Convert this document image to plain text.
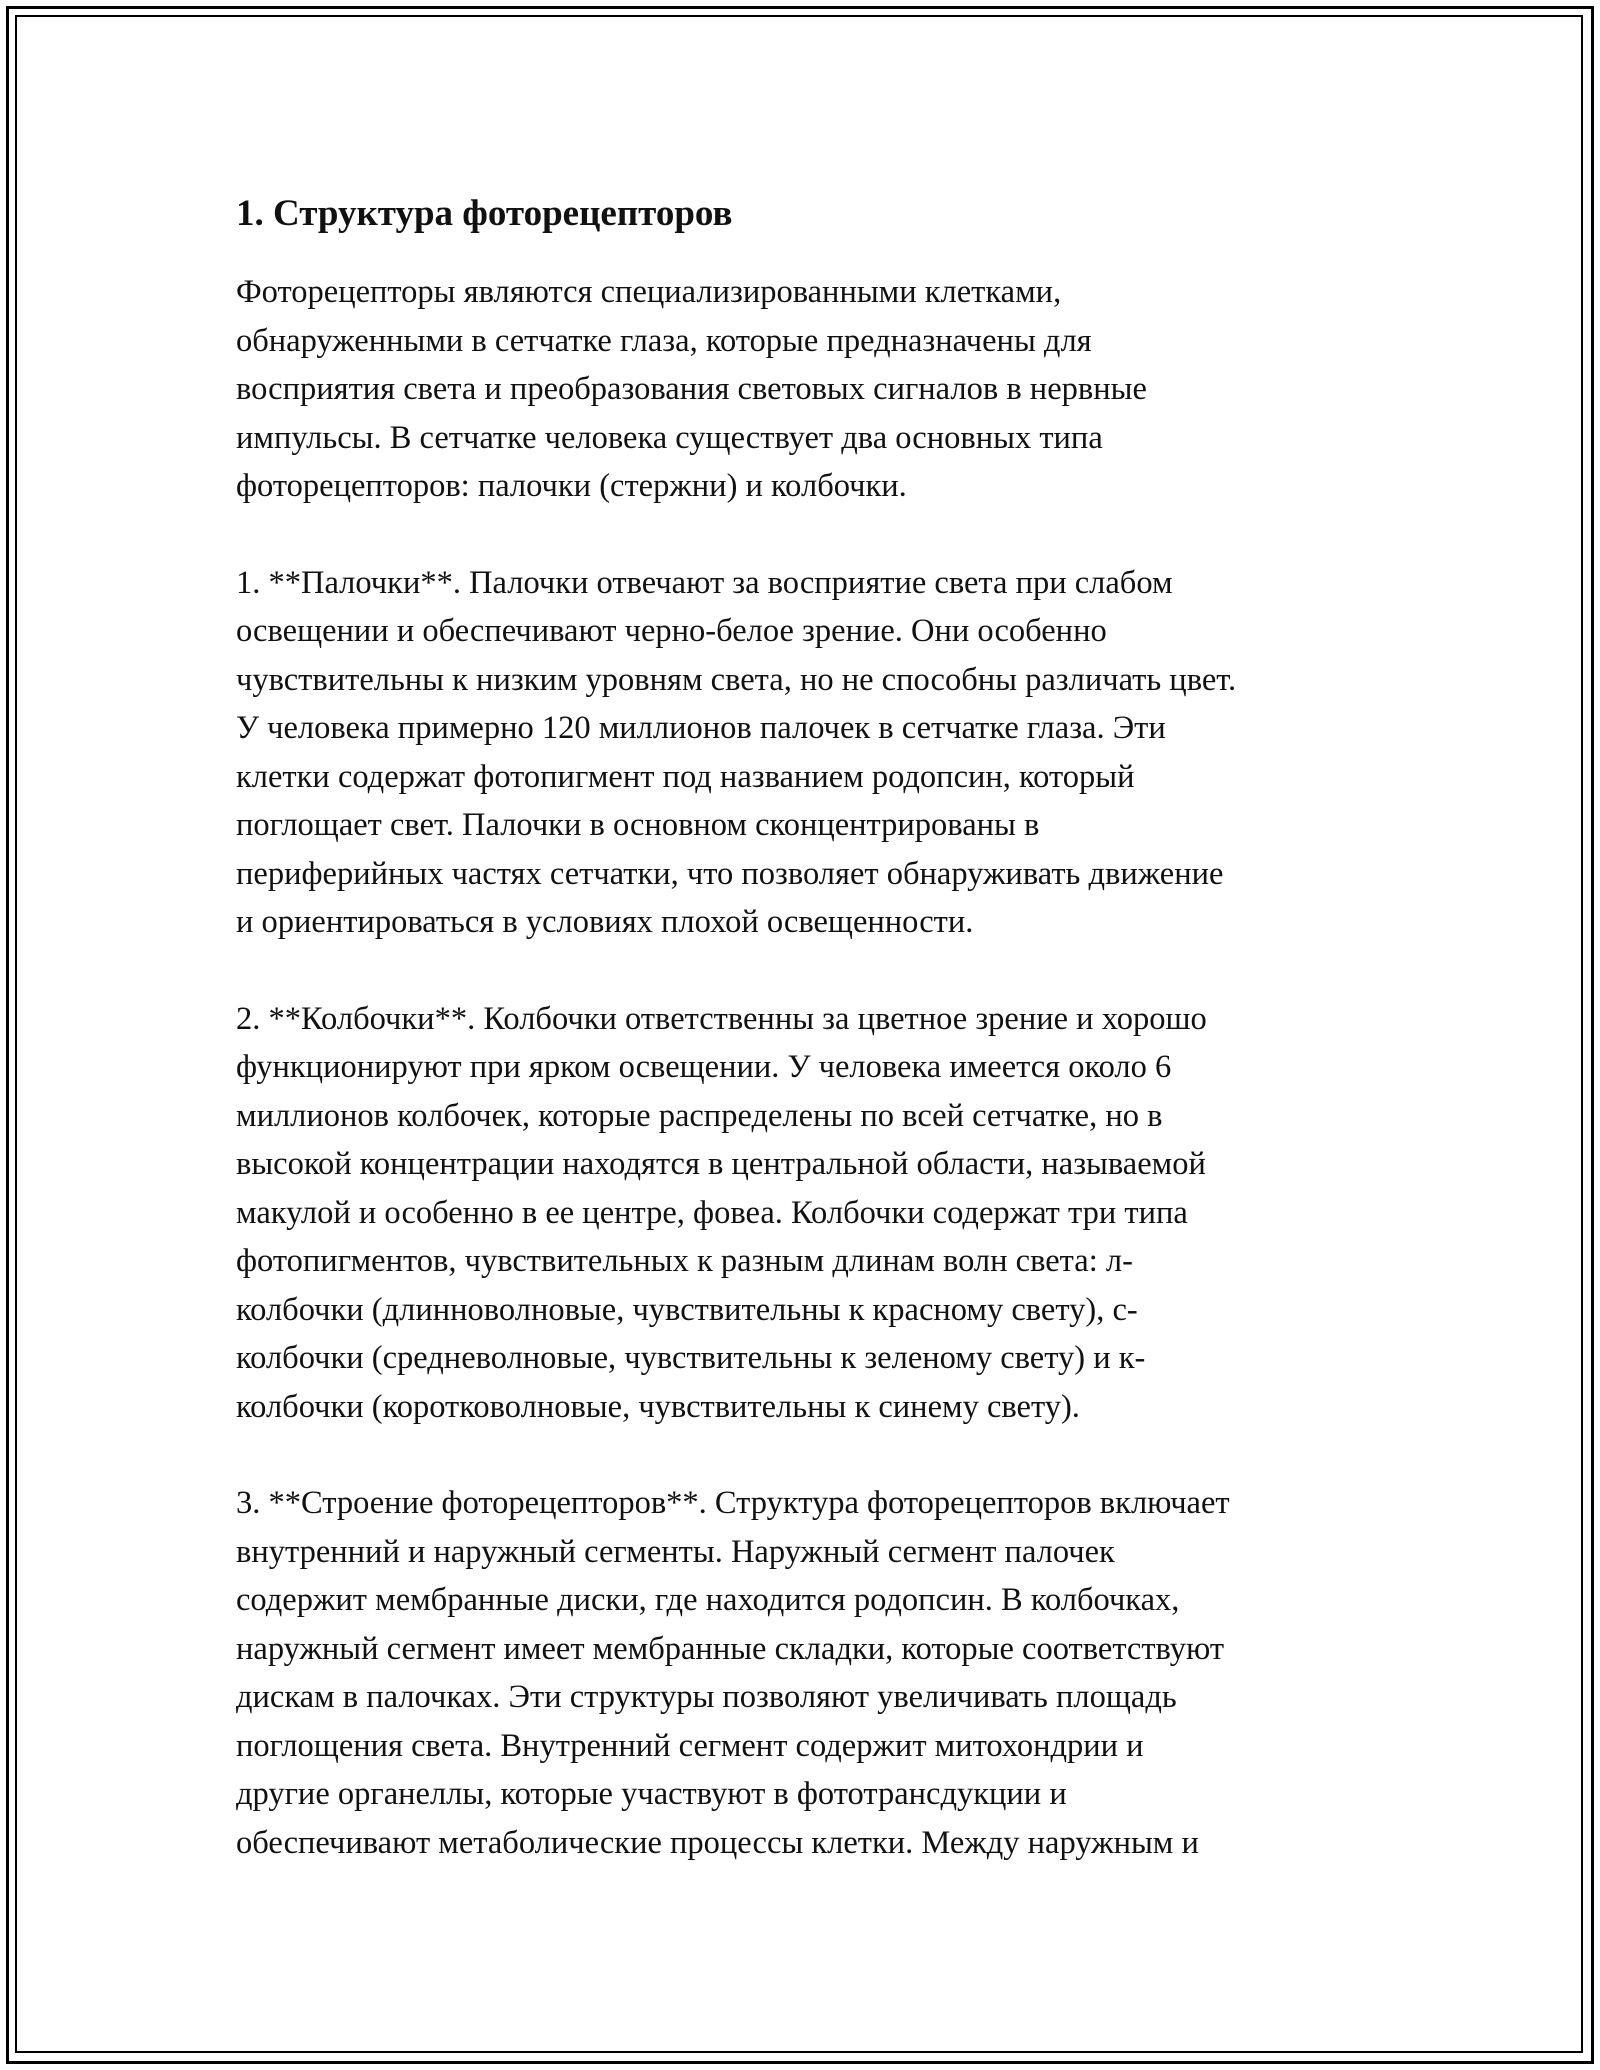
1. Структура фоторецепторов
Фоторецепторы являются специализированными клетками,
обнаруженными в сетчатке глаза, которые предназначены для
восприятия света и преобразования световых сигналов в нервные
импульсы. В сетчатке человека существует два основных типа
фоторецепторов: палочки (стержни) и колбочки.
1. **Палочки**. Палочки отвечают за восприятие света при слабом
освещении и обеспечивают черно-белое зрение. Они особенно
чувствительны к низким уровням света, но не способны различать цвет.
У человека примерно 120 миллионов палочек в сетчатке глаза. Эти
клетки содержат фотопигмент под названием родопсин, который
поглощает свет. Палочки в основном сконцентрированы в
периферийных частях сетчатки, что позволяет обнаруживать движение
и ориентироваться в условиях плохой освещенности.
2. **Колбочки**. Колбочки ответственны за цветное зрение и хорошо
функционируют при ярком освещении. У человека имеется около 6
миллионов колбочек, которые распределены по всей сетчатке, но в
высокой концентрации находятся в центральной области, называемой
макулой и особенно в ее центре, фовеа. Колбочки содержат три типа
фотопигментов, чувствительных к разным длинам волн света: л-
колбочки (длинноволновые, чувствительны к красному свету), с-
колбочки (средневолновые, чувствительны к зеленому свету) и к-
колбочки (коротковолновые, чувствительны к синему свету).
3. **Строение фоторецепторов**. Структура фоторецепторов включает
внутренний и наружный сегменты. Наружный сегмент палочек
содержит мембранные диски, где находится родопсин. В колбочках,
наружный сегмент имеет мембранные складки, которые соответствуют
дискам в палочках. Эти структуры позволяют увеличивать площадь
поглощения света. Внутренний сегмент содержит митохондрии и
другие органеллы, которые участвуют в фототрансдукции и
обеспечивают метаболические процессы клетки. Между наружным и
